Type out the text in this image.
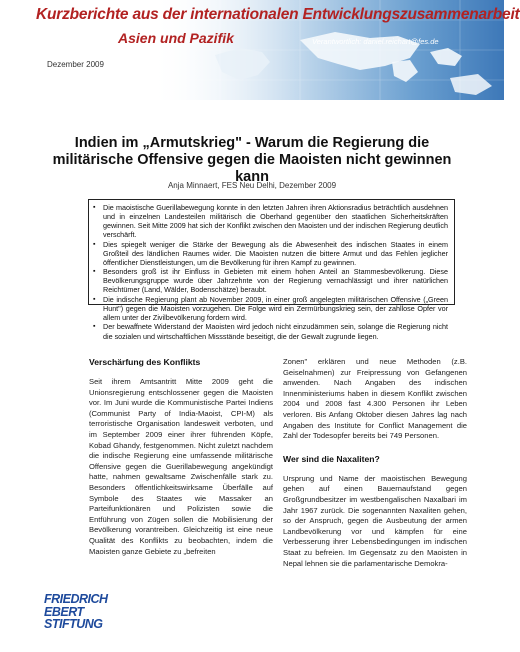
Kurzberichte aus der internationalen Entwicklungszusammenarbeit
Asien und Pazifik	Verantwortlich: daniel.reichart@fes.de
Dezember 2009
Indien im „Armutskrieg" - Warum die Regierung die militärische Offensive gegen die Maoisten nicht gewinnen kann
Anja Minnaert, FES Neu Delhi, Dezember 2009
▪ Die maoistische Guerillabewegung konnte in den letzten Jahren ihren Aktionsradius beträchtlich ausdehnen und in einzelnen Landesteilen militärisch die Oberhand gegenüber den staatlichen Sicherheitskräften gewinnen. Seit Mitte 2009 hat sich der Konflikt zwischen den Maoisten und der indischen Regierung deutlich verschärft.
▪ Dies spiegelt weniger die Stärke der Bewegung als die Abwesenheit des indischen Staates in einem Großteil des ländlichen Raumes wider. Die Maoisten nutzen die bittere Armut und das Fehlen jeglicher öffentlicher Dienstleistungen, um die Bevölkerung für ihren Kampf zu gewinnen.
▪ Besonders groß ist ihr Einfluss in Gebieten mit einem hohen Anteil an Stammesbevölkerung. Diese Bevölkerungsgruppe wurde über Jahrzehnte von der Regierung vernachlässigt und ihrer natürlichen Reichtümer (Land, Wälder, Bodenschätze) beraubt.
▪ Die indische Regierung plant ab November 2009, in einer groß angelegten militärischen Offensive („Green Hunt") gegen die Maoisten vorzugehen. Die Folge wird ein Zermürbungskrieg sein, der zahllose Opfer vor allem unter der Zivilbevölkerung fordern wird.
▪ Der bewaffnete Widerstand der Maoisten wird jedoch nicht einzudämmen sein, solange die Regierung nicht die sozialen und wirtschaftlichen Missstände beseitigt, die der Gewalt zugrunde liegen.
Verschärfung des Konflikts

Seit ihrem Amtsantritt Mitte 2009 geht die Unionsregierung entschlossener gegen die Maoisten vor. Im Juni wurde die Kommunistische Partei Indiens (Communist Party of India-Maoist, CPI-M) als terroristische Organisation landesweit verboten, und im September 2009 einer ihrer führenden Köpfe, Kobad Ghandy, festgenommen. Nicht zuletzt nachdem die indische Regierung eine umfassende militärische Offensive gegen die Guerillabewegung angekündigt hatte, nahmen gewaltsame Zwischenfälle stark zu. Besonders öffentlichkeitswirksame Überfälle auf Symbole des Staates wie Massaker an Parteifunktionären und Polizisten sowie die Entführung von Zügen sollen die Mobilisierung der Bevölkerung vorantreiben. Gleichzeitig ist eine neue Qualität des Konflikts zu beobachten, indem die Maoisten ganze Gebiete zu „befreiten

Zonen" erklären und neue Methoden (z.B. Geiselnahmen) zur Freipressung von Gefangenen anwenden. Nach Angaben des indischen Innenministeriums haben in diesem Konflikt zwischen 2004 und 2008 fast 4.300 Personen ihr Leben verloren. Bis Anfang Oktober diesen Jahres lag nach Angaben des Institute for Conflict Management die Zahl der Todesopfer bereits bei 749 Personen.

Wer sind die Naxaliten?

Ursprung und Name der maoistischen Bewegung gehen auf einen Bauernaufstand gegen Großgrundbesitzer im westbengalischen Naxalbari im Jahr 1967 zurück. Die sogenannten Naxaliten gehen, so der Anspruch, gegen die Ausbeutung der armen Landbevölkerung vor und kämpfen für eine Verbesserung ihrer Lebensbedingungen im indischen Staat zu befreien. Im Gegensatz zu den Maoisten in Nepal lehnen sie die parlamentarische Demokra-

FRIEDRICH
EBERT
STIFTUNG
